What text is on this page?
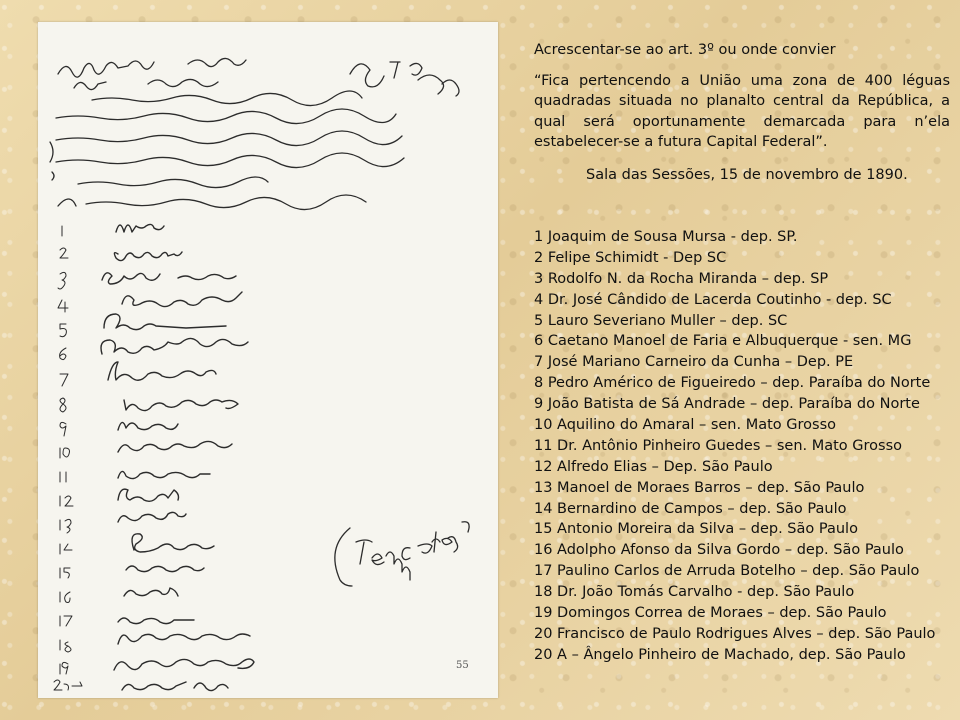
55

Acrescentar-se ao art. 3º ou onde convier

“Fica pertencendo a União uma zona de 400 léguas quadradas situada no planalto central da República, a qual será oportunamente demarcada para n’ela estabelecer-se a futura Capital Federal”.

Sala das Sessões, 15 de novembro de 1890.

1 Joaquim de Sousa Mursa - dep. SP.
2 Felipe Schimidt - Dep SC
3 Rodolfo N. da Rocha Miranda – dep. SP
4 Dr. José Cândido de Lacerda Coutinho - dep. SC
5 Lauro Severiano Muller – dep. SC
6 Caetano Manoel de Faria e Albuquerque - sen. MG
7 José Mariano Carneiro da Cunha – Dep. PE
8 Pedro Américo de Figueiredo – dep. Paraíba do Norte
9 João Batista de Sá Andrade – dep. Paraíba do Norte
10 Aquilino do Amaral – sen. Mato Grosso
11 Dr. Antônio Pinheiro Guedes – sen. Mato Grosso
12 Alfredo Elias – Dep. São Paulo
13 Manoel de Moraes Barros – dep. São Paulo
14 Bernardino de Campos – dep. São Paulo
15 Antonio Moreira da Silva – dep. São Paulo
16 Adolpho Afonso da Silva Gordo – dep. São Paulo
17 Paulino Carlos de Arruda Botelho – dep. São Paulo
18 Dr. João Tomás Carvalho - dep. São Paulo
19 Domingos Correa de Moraes – dep. São Paulo
20 Francisco de Paulo Rodrigues Alves – dep. São Paulo
20 A – Ângelo Pinheiro de Machado, dep. São Paulo
